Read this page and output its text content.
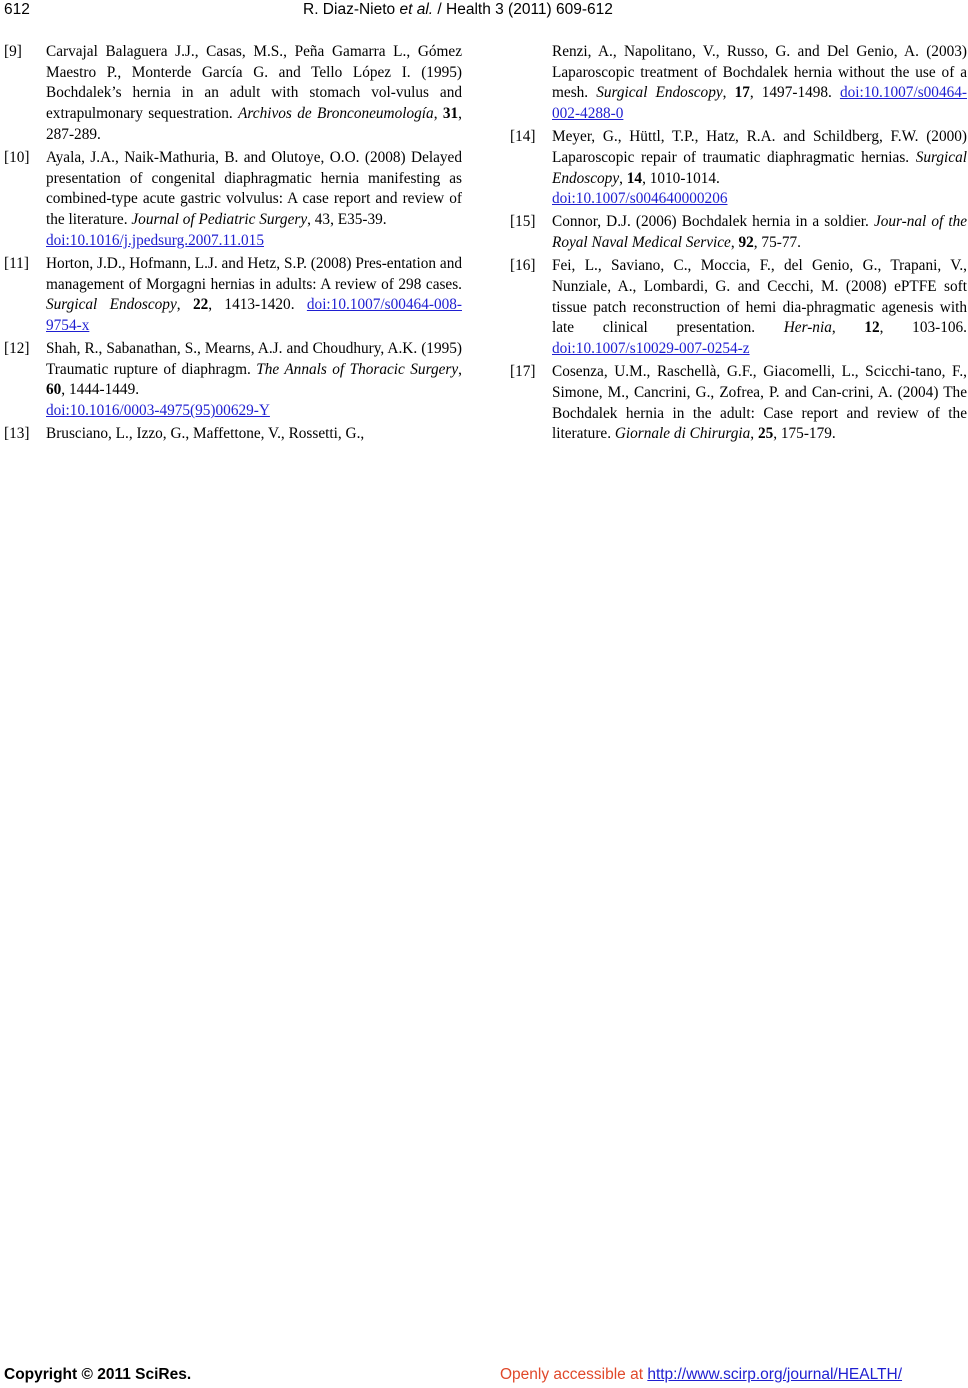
612	R. Diaz-Nieto et al. / Health 3 (2011) 609-612
[9] Carvajal Balaguera J.J., Casas, M.S., Peña Gamarra L., Gómez Maestro P., Monterde García G. and Tello López I. (1995) Bochdalek’s hernia in an adult with stomach vol-vulus and extrapulmonary sequestration. Archivos de Bronconeumología, 31, 287-289.
[10] Ayala, J.A., Naik-Mathuria, B. and Olutoye, O.O. (2008) Delayed presentation of congenital diaphragmatic hernia manifesting as combined-type acute gastric volvulus: A case report and review of the literature. Journal of Pediatric Surgery, 43, E35-39.
doi:10.1016/j.jpedsurg.2007.11.015
[11] Horton, J.D., Hofmann, L.J. and Hetz, S.P. (2008) Pres-entation and management of Morgagni hernias in adults: A review of 298 cases. Surgical Endoscopy, 22, 1413-1420. doi:10.1007/s00464-008-9754-x
[12] Shah, R., Sabanathan, S., Mearns, A.J. and Choudhury, A.K. (1995) Traumatic rupture of diaphragm. The Annals of Thoracic Surgery, 60, 1444-1449.
doi:10.1016/0003-4975(95)00629-Y
[13] Brusciano, L., Izzo, G., Maffettone, V., Rossetti, G.,
Renzi, A., Napolitano, V., Russo, G. and Del Genio, A. (2003) Laparoscopic treatment of Bochdalek hernia without the use of a mesh. Surgical Endoscopy, 17, 1497-1498. doi:10.1007/s00464-002-4288-0
[14] Meyer, G., Hüttl, T.P., Hatz, R.A. and Schildberg, F.W. (2000) Laparoscopic repair of traumatic diaphragmatic hernias. Surgical Endoscopy, 14, 1010-1014.
doi:10.1007/s004640000206
[15] Connor, D.J. (2006) Bochdalek hernia in a soldier. Jour-nal of the Royal Naval Medical Service, 92, 75-77.
[16] Fei, L., Saviano, C., Moccia, F., del Genio, G., Trapani, V., Nunziale, A., Lombardi, G. and Cecchi, M. (2008) ePTFE soft tissue patch reconstruction of hemi dia-phragmatic agenesis with late clinical presentation. Her-nia, 12, 103-106. doi:10.1007/s10029-007-0254-z
[17] Cosenza, U.M., Raschellà, G.F., Giacomelli, L., Scicchi-tano, F., Simone, M., Cancrini, G., Zofrea, P. and Can-crini, A. (2004) The Bochdalek hernia in the adult: Case report and review of the literature. Giornale di Chirurgia, 25, 175-179.
Copyright © 2011 SciRes.	Openly accessible at http://www.scirp.org/journal/HEALTH/
